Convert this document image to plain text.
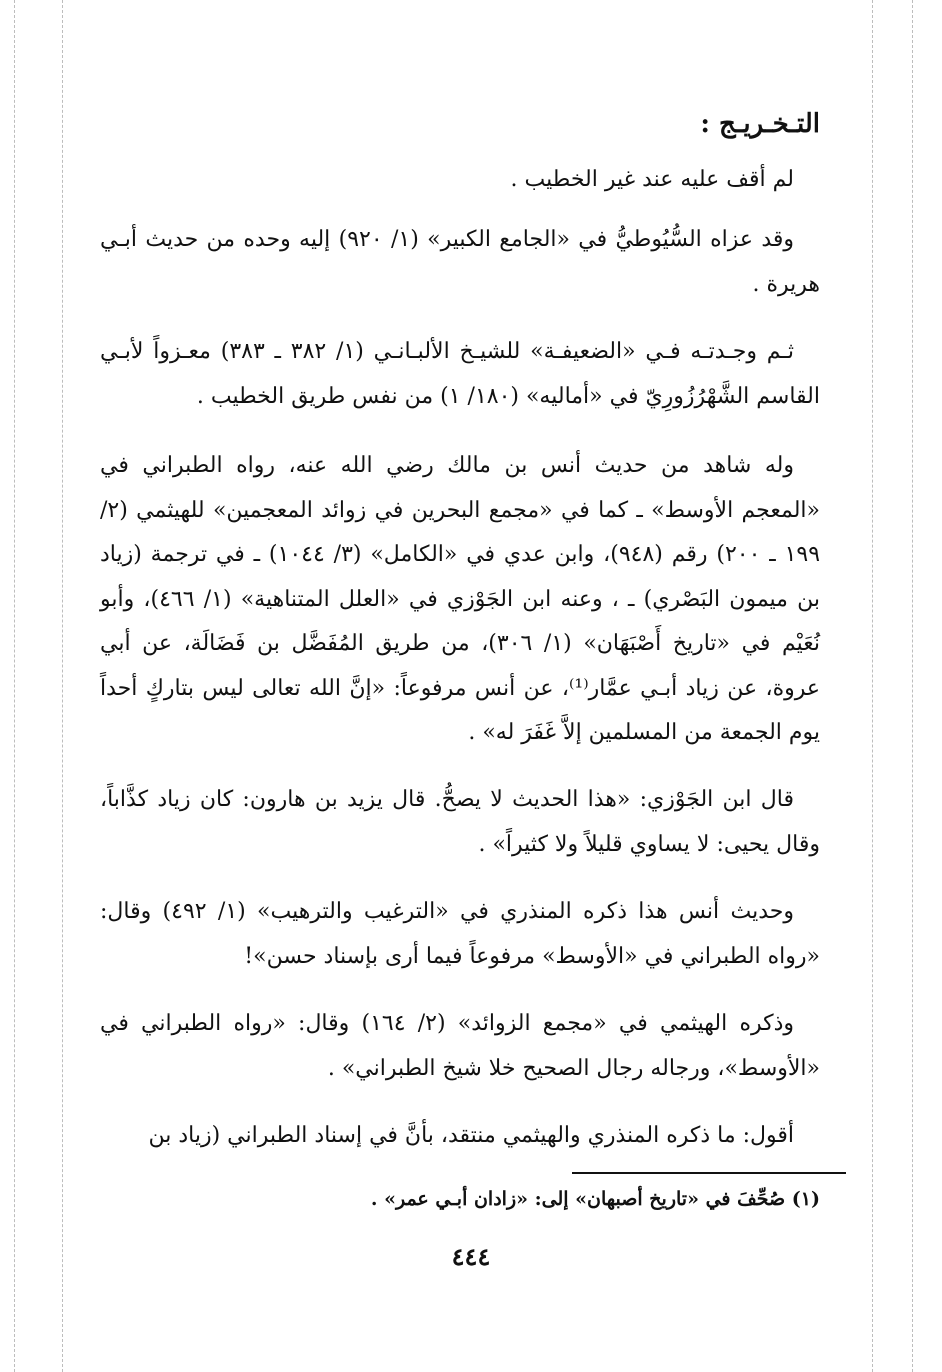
التـخـريـج :

لم أقف عليه عند غير الخطيب .

وقد عزاه السُّيُوطيُّ في «الجامع الكبير» (١/ ٩٢٠) إليه وحده من حديث أبـي هريرة .

ثـم وجـدتـه فـي «الضعيفـة» للشيـخ الألبـانـي (١/ ٣٨٢ ـ ٣٨٣) معـزواً لأبـي القاسم الشَّهْرُزُورِيّ في «أماليه» (١٨٠/ ١) من نفس طريق الخطيب .

وله شاهد من حديث أنس بن مالك رضي الله عنه، رواه الطبراني في «المعجم الأوسط» ـ كما في «مجمع البحرين في زوائد المعجمين» للهيثمي (٢/ ١٩٩ ـ ٢٠٠) رقم (٩٤٨)، وابن عدي في «الكامل» (٣/ ١٠٤٤) ـ في ترجمة (زياد بن ميمون البَصْري) ـ ، وعنه ابن الجَوْزي في «العلل المتناهية» (١/ ٤٦٦)، وأبو نُعَيْم في «تاريخ أَصْبَهَان» (١/ ٣٠٦)، من طريق المُفَضَّل بن فَضَالَة، عن أبي عروة، عن زياد أبـي عمَّار⁽¹⁾، عن أنس مرفوعاً: «إنَّ الله تعالى ليس بتاركٍ أحداً يوم الجمعة من المسلمين إلاَّ غَفَرَ له» .

قال ابن الجَوْزي: «هذا الحديث لا يصحُّ. قال يزيد بن هارون: كان زياد كذَّاباً، وقال يحيى: لا يساوي قليلاً ولا كثيراً» .

وحديث أنس هذا ذكره المنذري في «الترغيب والترهيب» (١/ ٤٩٢) وقال: «رواه الطبراني في «الأوسط» مرفوعاً فيما أرى بإسناد حسن»!

وذكره الهيثمي في «مجمع الزوائد» (٢/ ١٦٤) وقال: «رواه الطبراني في «الأوسط»، ورجاله رجال الصحيح خلا شيخ الطبراني» .

أقول: ما ذكره المنذري والهيثمي منتقد، بأنَّ في إسناد الطبراني (زياد بن

(١) صُحِّفَ في «تاريخ أصبهان» إلى: «زادان أبـي عمر» .
٤٤٤
